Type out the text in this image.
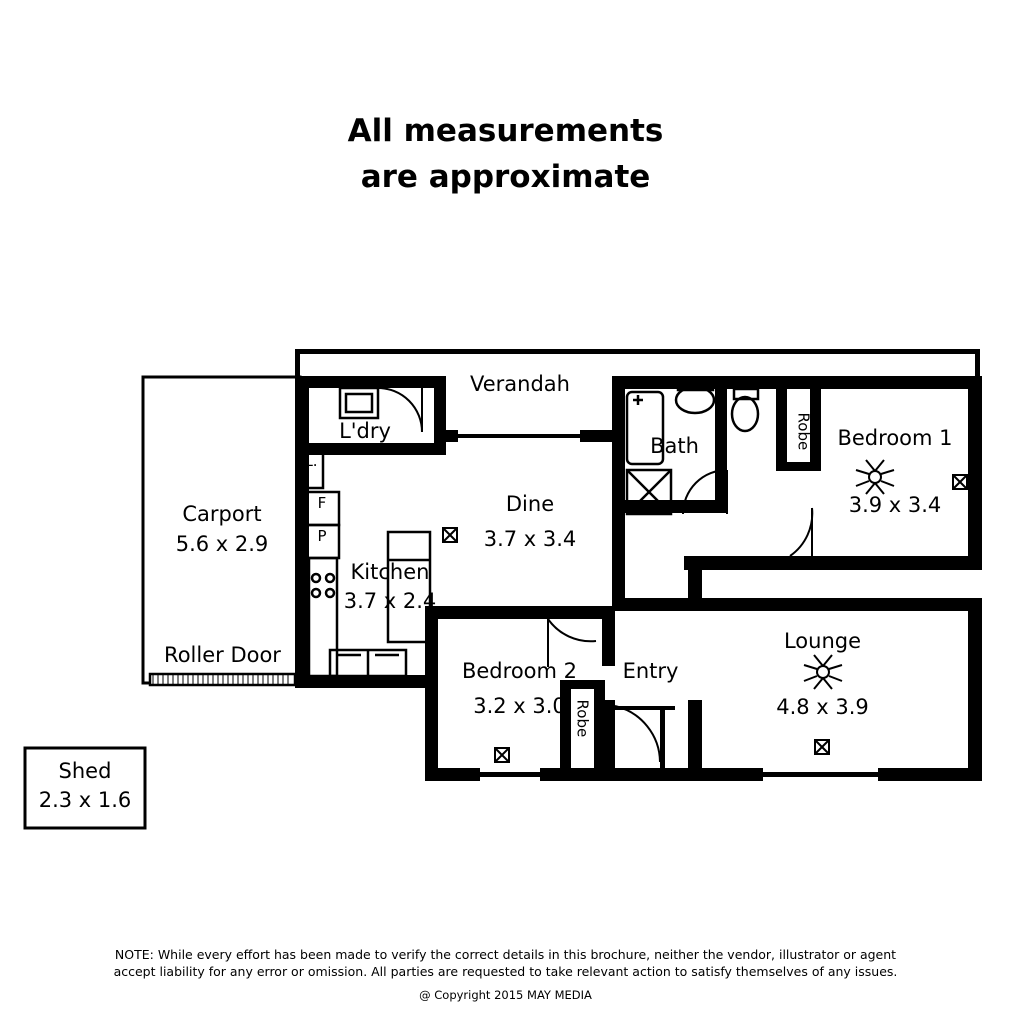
All measurements
are approximate
Verandah
L'dry
L.
F
P
F	Bath	Robe	Bedroom 1
3.9 x 3.4
Dine
3.7 x 3.4
Kitchen
3.7 x 2.4
Carport
5.6 x 2.9
Roller Door
Shed
2.3 x 1.6
Bedroom 2
3.2 x 3.0 Robe
Entry
Lounge
4.8 x 3.9
NOTE: While every effort has been made to verify the correct details in this brochure, neither the vendor, illustrator or agent
accept liability for any error or omission. All parties are requested to take relevant action to satisfy themselves of any issues.
@ Copyright 2015 MAY MEDIA
